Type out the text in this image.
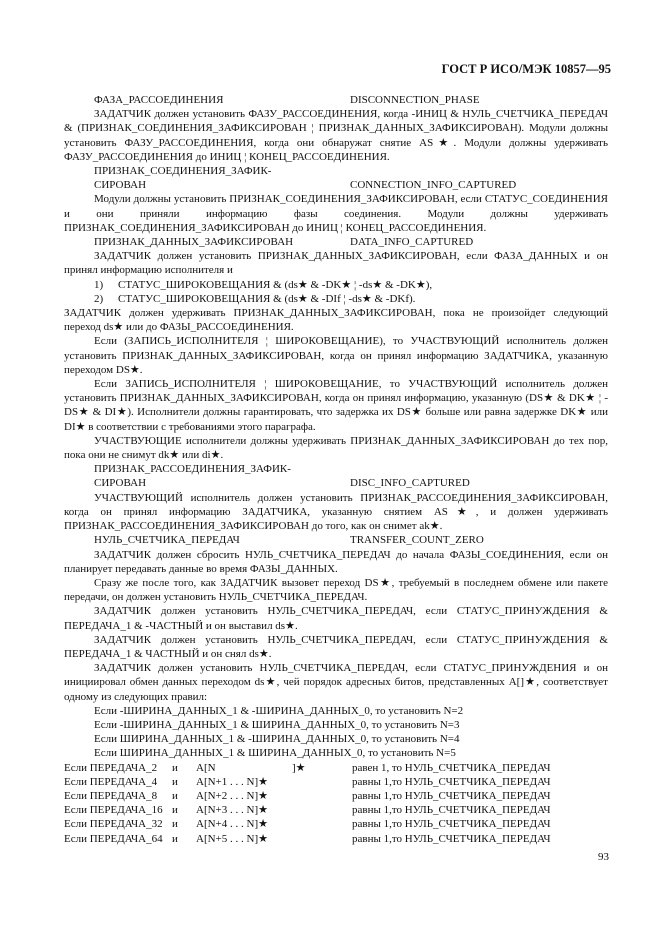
ГОСТ Р ИСО/МЭК 10857—95
ФАЗА_РАССОЕДИНЕНИЯ	DISCONNECTION_PHASE

ЗАДАТЧИК должен установить ФАЗУ_РАССОЕДИНЕНИЯ, когда -ИНИЦ & НУЛЬ_СЧЕТЧИКА_ПЕРЕДАЧ & (ПРИЗНАК_СОЕДИНЕНИЯ_ЗАФИКСИРОВАН ¦ ПРИЗНАК_ДАННЫХ_ЗАФИКСИРОВАН). Модули должны установить ФАЗУ_РАССОЕДИНЕНИЯ, когда они обнаружат снятие AS★. Модули должны удерживать ФАЗУ_РАССОЕДИНЕНИЯ до ИНИЦ ¦ КОНЕЦ_РАССОЕДИНЕНИЯ.

ПРИЗНАК_СОЕДИНЕНИЯ_ЗАФИК-
СИРОВАН	CONNECTION_INFO_CAPTURED

Модули должны установить ПРИЗНАК_СОЕДИНЕНИЯ_ЗАФИКСИРОВАН, если СТАТУС_СОЕДИНЕНИЯ и они приняли информацию фазы соединения. Модули должны удерживать ПРИЗНАК_СОЕДИНЕНИЯ_ЗАФИКСИРОВАН до ИНИЦ ¦ КОНЕЦ_РАССОЕДИНЕНИЯ.

ПРИЗНАК_ДАННЫХ_ЗАФИКСИРОВАН	DATA_INFO_CAPTURED

ЗАДАТЧИК должен установить ПРИЗНАК_ДАННЫХ_ЗАФИКСИРОВАН, если ФАЗА_ДАННЫХ и он принял информацию исполнителя и

1) СТАТУС_ШИРОКОВЕЩАНИЯ & (ds★ & -DK★ ¦ -ds★ & -DK★),
2) СТАТУС_ШИРОКОВЕЩАНИЯ & (ds★ & -DIf ¦ -ds★ & -DKf).

ЗАДАТЧИК должен удерживать ПРИЗНАК_ДАННЫХ_ЗАФИКСИРОВАН, пока не произойдет следующий переход ds★ или до ФАЗЫ_РАССОЕДИНЕНИЯ.

Если (ЗАПИСЬ_ИСПОЛНИТЕЛЯ ¦ ШИРОКОВЕЩАНИЕ), то УЧАСТВУЮЩИЙ исполнитель должен установить ПРИЗНАК_ДАННЫХ_ЗАФИКСИРОВАН, когда он принял информацию ЗАДАТЧИКА, указанную переходом DS★.

Если ЗАПИСЬ_ИСПОЛНИТЕЛЯ ¦ ШИРОКОВЕЩАНИЕ, то УЧАСТВУЮЩИЙ исполнитель должен установить ПРИЗНАК_ДАННЫХ_ЗАФИКСИРОВАН, когда он принял информацию, указанную (DS★ & DK★ ¦ -DS★ & DI★). Исполнители должны гарантировать, что задержка их DS★ больше или равна задержке DK★ или DI★ в соответствии с требованиями этого параграфа.

УЧАСТВУЮЩИЕ исполнители должны удерживать ПРИЗНАК_ДАННЫХ_ЗАФИКСИРОВАН до тех пор, пока они не снимут dk★ или di★.

ПРИЗНАК_РАССОЕДИНЕНИЯ_ЗАФИК-
СИРОВАН	DISC_INFO_CAPTURED

УЧАСТВУЮЩИЙ исполнитель должен установить ПРИЗНАК_РАССОЕДИНЕНИЯ_ЗАФИКСИРОВАН, когда он принял информацию ЗАДАТЧИКА, указанную снятием AS★, и должен удерживать ПРИЗНАК_РАССОЕДИНЕНИЯ_ЗАФИКСИРОВАН до того, как он снимет ak★.

НУЛЬ_СЧЕТЧИКА_ПЕРЕДАЧ	TRANSFER_COUNT_ZERO

ЗАДАТЧИК должен сбросить НУЛЬ_СЧЕТЧИКА_ПЕРЕДАЧ до начала ФАЗЫ_СОЕДИНЕНИЯ, если он планирует передавать данные во время ФАЗЫ_ДАННЫХ.

Сразу же после того, как ЗАДАТЧИК вызовет переход DS★, требуемый в последнем обмене или пакете передачи, он должен установить НУЛЬ_СЧЕТЧИКА_ПЕРЕДАЧ.

ЗАДАТЧИК должен установить НУЛЬ_СЧЕТЧИКА_ПЕРЕДАЧ, если СТАТУС_ПРИНУЖДЕНИЯ & ПЕРЕДАЧА_1 & -ЧАСТНЫЙ и он выставил ds★.

ЗАДАТЧИК должен установить НУЛЬ_СЧЕТЧИКА_ПЕРЕДАЧ, если СТАТУС_ПРИНУЖДЕНИЯ & ПЕРЕДАЧА_1 & ЧАСТНЫЙ и он снял ds★.

ЗАДАТЧИК должен установить НУЛЬ_СЧЕТЧИКА_ПЕРЕДАЧ, если СТАТУС_ПРИНУЖДЕНИЯ и он инициировал обмен данных переходом ds★, чей порядок адресных битов, представленных A[]★, соответствует одному из следующих правил:

Если -ШИРИНА_ДАННЫХ_1 & -ШИРИНА_ДАННЫХ_0, то установить N=2
Если -ШИРИНА_ДАННЫХ_1 & ШИРИНА_ДАННЫХ_0, то установить N=3
Если ШИРИНА_ДАННЫХ_1 & -ШИРИНА_ДАННЫХ_0, то установить N=4
Если ШИРИНА_ДАННЫХ_1 & ШИРИНА_ДАННЫХ_0, то установить N=5
Если ПЕРЕДАЧА_2	и	A[N	]★	равен 1,	то НУЛЬ_СЧЕТЧИКА_ПЕРЕДАЧ
Если ПЕРЕДАЧА_4	и	A[N+1 . . . N]★		равны 1,	то НУЛЬ_СЧЕТЧИКА_ПЕРЕДАЧ
Если ПЕРЕДАЧА_8	и	A[N+2 . . . N]★		равны 1,	то НУЛЬ_СЧЕТЧИКА_ПЕРЕДАЧ
Если ПЕРЕДАЧА_16	и	A[N+3 . . . N]★		равны 1,	то НУЛЬ_СЧЕТЧИКА_ПЕРЕДАЧ
Если ПЕРЕДАЧА_32	и	A[N+4 . . . N]★		равны 1,	то НУЛЬ_СЧЕТЧИКА_ПЕРЕДАЧ
Если ПЕРЕДАЧА_64	и	A[N+5 . . . N]★		равны 1,	то НУЛЬ_СЧЕТЧИКА_ПЕРЕДАЧ
93
